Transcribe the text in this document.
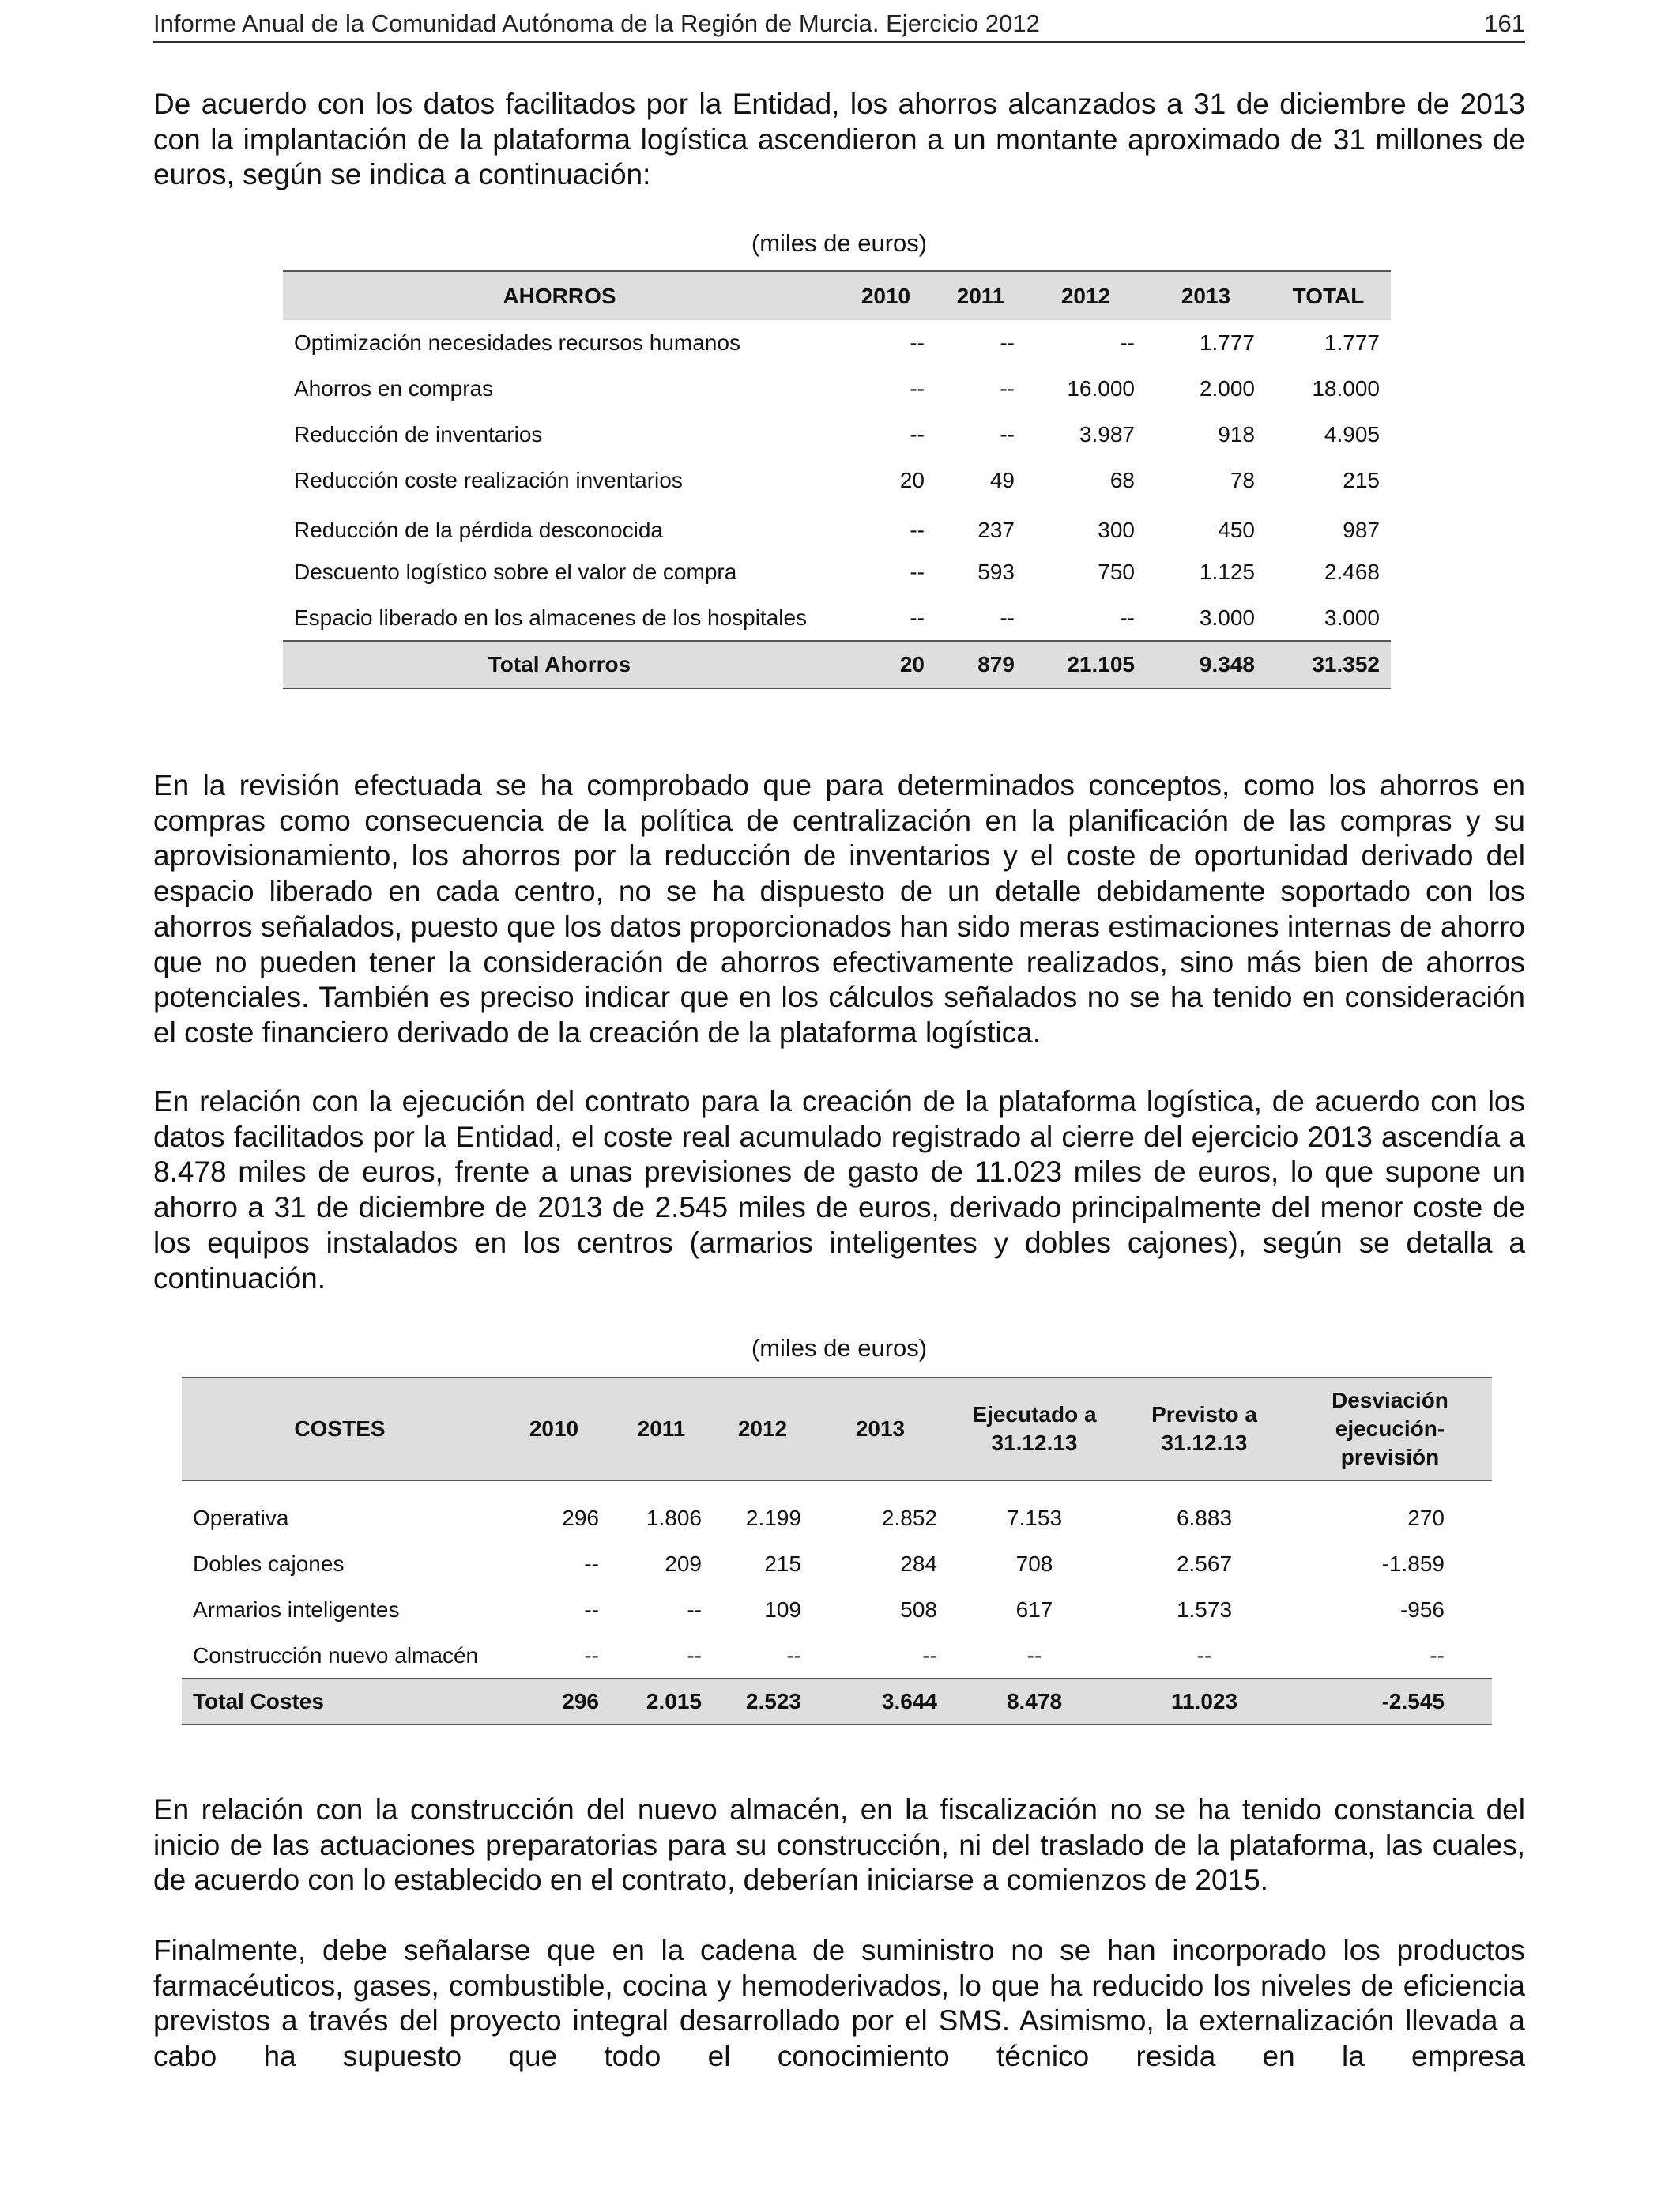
Informe Anual de la Comunidad Autónoma de la Región de Murcia. Ejercicio 2012	161

De acuerdo con los datos facilitados por la Entidad, los ahorros alcanzados a 31 de diciembre de 2013 con la implantación de la plataforma logística ascendieron a un montante aproximado de 31 millones de euros, según se indica a continuación:

(miles de euros)
AHORROS	2010	2011	2012	2013	TOTAL
Optimización necesidades recursos humanos	--	--	--	1.777	1.777
Ahorros en compras	--	--	16.000	2.000	18.000
Reducción de inventarios	--	--	3.987	918	4.905
Reducción coste realización inventarios	20	49	68	78	215
Reducción de la pérdida desconocida	--	237	300	450	987
Descuento logístico sobre el valor de compra	--	593	750	1.125	2.468
Espacio liberado en los almacenes de los hospitales	--	--	--	3.000	3.000
Total Ahorros	20	879	21.105	9.348	31.352

En la revisión efectuada se ha comprobado que para determinados conceptos, como los ahorros en compras como consecuencia de la política de centralización en la planificación de las compras y su aprovisionamiento, los ahorros por la reducción de inventarios y el coste de oportunidad derivado del espacio liberado en cada centro, no se ha dispuesto de un detalle debidamente soportado con los ahorros señalados, puesto que los datos proporcionados han sido meras estimaciones internas de ahorro que no pueden tener la consideración de ahorros efectivamente realizados, sino más bien de ahorros potenciales. También es preciso indicar que en los cálculos señalados no se ha tenido en consideración el coste financiero derivado de la creación de la plataforma logística.

En relación con la ejecución del contrato para la creación de la plataforma logística, de acuerdo con los datos facilitados por la Entidad, el coste real acumulado registrado al cierre del ejercicio 2013 ascendía a 8.478 miles de euros, frente a unas previsiones de gasto de 11.023 miles de euros, lo que supone un ahorro a 31 de diciembre de 2013 de 2.545 miles de euros, derivado principalmente del menor coste de los equipos instalados en los centros (armarios inteligentes y dobles cajones), según se detalla a continuación.

(miles de euros)
COSTES	2010	2011	2012	2013	Ejecutado a 31.12.13	Previsto a 31.12.13	Desviación ejecución-previsión
Operativa	296	1.806	2.199	2.852	7.153	6.883	270
Dobles cajones	--	209	215	284	708	2.567	-1.859
Armarios inteligentes	--	--	109	508	617	1.573	-956
Construcción nuevo almacén	--	--	--	--	--	--	--
Total Costes	296	2.015	2.523	3.644	8.478	11.023	-2.545

En relación con la construcción del nuevo almacén, en la fiscalización no se ha tenido constancia del inicio de las actuaciones preparatorias para su construcción, ni del traslado de la plataforma, las cuales, de acuerdo con lo establecido en el contrato, deberían iniciarse a comienzos de 2015.

Finalmente, debe señalarse que en la cadena de suministro no se han incorporado los productos farmacéuticos, gases, combustible, cocina y hemoderivados, lo que ha reducido los niveles de eficiencia previstos a través del proyecto integral desarrollado por el SMS. Asimismo, la externalización llevada a cabo ha supuesto que todo el conocimiento técnico resida en la empresa
